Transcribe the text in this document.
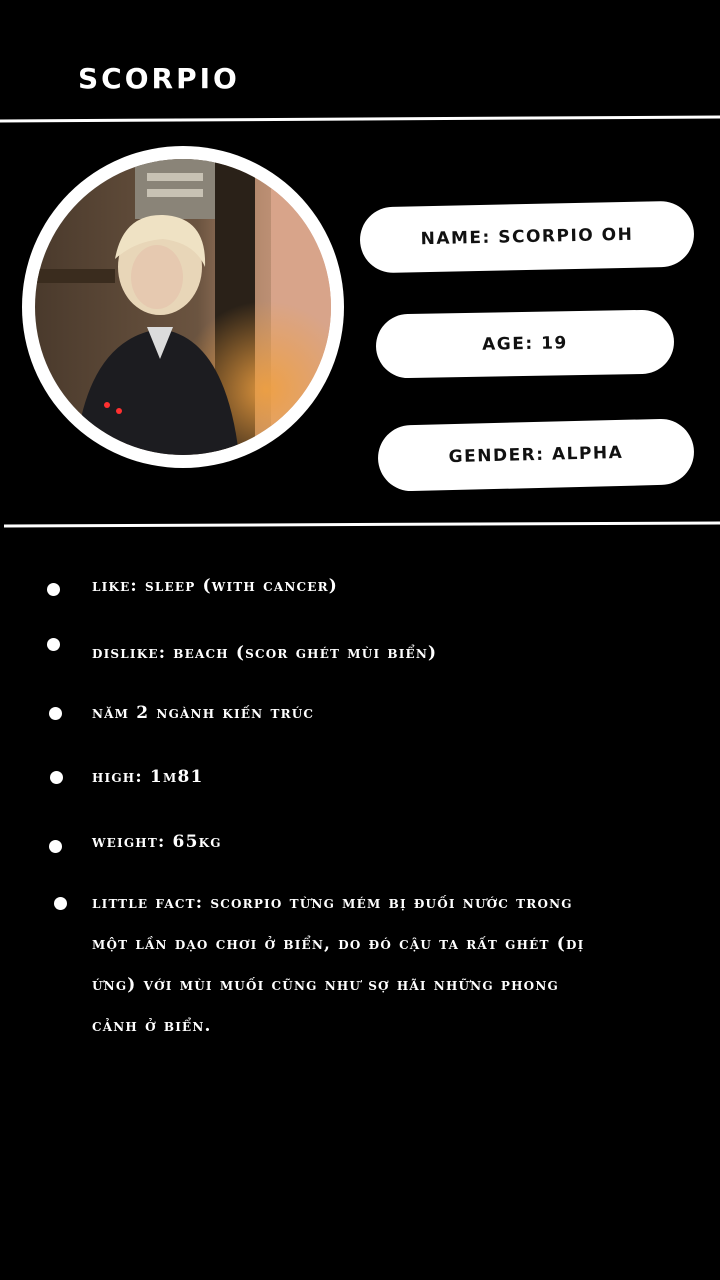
scorpio
NAME: SCORPIO OH
AGE: 19
GENDER: ALPHA
like: sleep (with cancer)
dislike: beach (scor ghét mùi biển)
năm 2 ngành kiến trúc
high: 1m81
weight: 65kg
little fact: scorpio từng mém bị đuối nước trong một lần dạo chơi ở biển, do đó cậu ta rất ghét (dị ứng) với mùi muối cũng như sợ hãi những phong cảnh ở biển.
